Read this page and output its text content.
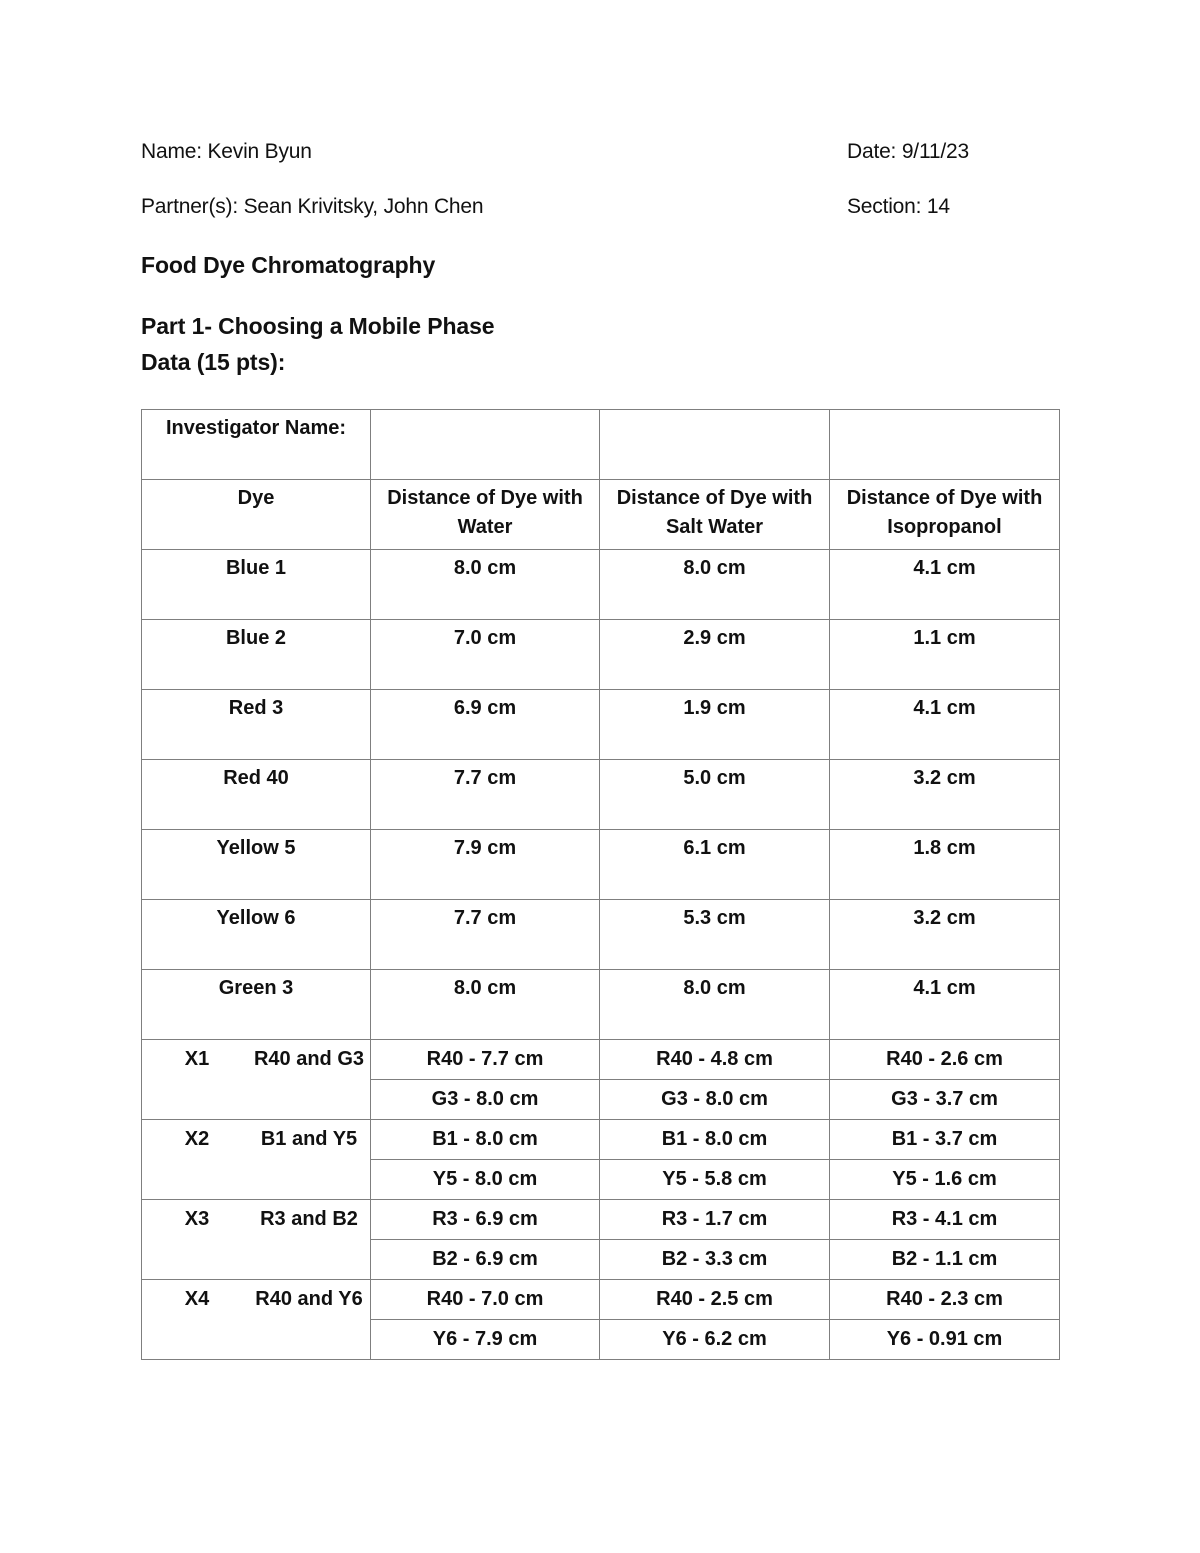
Name: Kevin Byun	Date: 9/11/23
Partner(s): Sean Krivitsky, John Chen	Section: 14
Food Dye Chromatography
Part 1- Choosing a Mobile Phase
Data (15 pts):
Investigator Name:			
Dye	Distance of Dye with Water	Distance of Dye with Salt Water	Distance of Dye with Isopropanol
Blue 1	8.0 cm	8.0 cm	4.1 cm
Blue 2	7.0 cm	2.9 cm	1.1 cm
Red 3	6.9 cm	1.9 cm	4.1 cm
Red 40	7.7 cm	5.0 cm	3.2 cm
Yellow 5	7.9 cm	6.1 cm	1.8 cm
Yellow 6	7.7 cm	5.3 cm	3.2 cm
Green 3	8.0 cm	8.0 cm	4.1 cm

X1 R40 and G3	R40 - 7.7 cm	R40 - 4.8 cm	R40 - 2.6 cm
	G3 - 8.0 cm	G3 - 8.0 cm	G3 - 3.7 cm

X2 B1 and Y5	B1 - 8.0 cm	B1 - 8.0 cm	B1 - 3.7 cm
	Y5 - 8.0 cm	Y5 - 5.8 cm	Y5 - 1.6 cm

X3 R3 and B2	R3 - 6.9 cm	R3 - 1.7 cm	R3 - 4.1 cm
	B2 - 6.9 cm	B2 - 3.3 cm	B2 - 1.1 cm

X4 R40 and Y6	R40 - 7.0 cm	R40 - 2.5 cm	R40 - 2.3 cm
	Y6 - 7.9 cm	Y6 - 6.2 cm	Y6 - 0.91 cm
